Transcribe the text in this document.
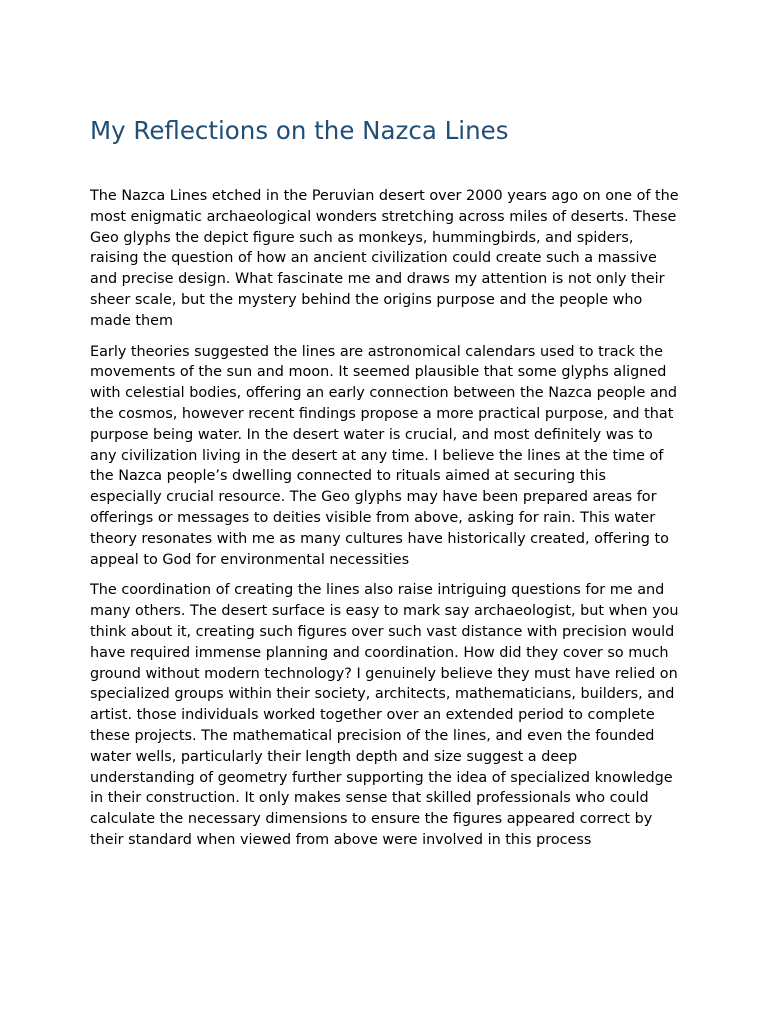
My Reflections on the Nazca Lines

The Nazca Lines etched in the Peruvian desert over 2000 years ago on one of the most enigmatic archaeological wonders stretching across miles of deserts. These Geo glyphs the depict figure such as monkeys, hummingbirds, and spiders, raising the question of how an ancient civilization could create such a massive and precise design. What fascinate me and draws my attention is not only their sheer scale, but the mystery behind the origins purpose and the people who made them

Early theories suggested the lines are astronomical calendars used to track the movements of the sun and moon. It seemed plausible that some glyphs aligned with celestial bodies, offering an early connection between the Nazca people and the cosmos, however recent findings propose a more practical purpose, and that purpose being water. In the desert water is crucial, and most definitely was to any civilization living in the desert at any time. I believe the lines at the time of the Nazca people’s dwelling connected to rituals aimed at securing this especially crucial resource. The Geo glyphs may have been prepared areas for offerings or messages to deities visible from above, asking for rain. This water theory resonates with me as many cultures have historically created, offering to appeal to God for environmental necessities

The coordination of creating the lines also raise intriguing questions for me and many others. The desert surface is easy to mark say archaeologist, but when you think about it, creating such figures over such vast distance with precision would have required immense planning and coordination. How did they cover so much ground without modern technology? I genuinely believe they must have relied on specialized groups within their society, architects, mathematicians, builders, and artist. those individuals worked together over an extended period to complete these projects. The mathematical precision of the lines, and even the founded water wells, particularly their length depth and size suggest a deep understanding of geometry further supporting the idea of specialized knowledge in their construction. It only makes sense that skilled professionals who could calculate the necessary dimensions to ensure the figures appeared correct by their standard when viewed from above were involved in this process
